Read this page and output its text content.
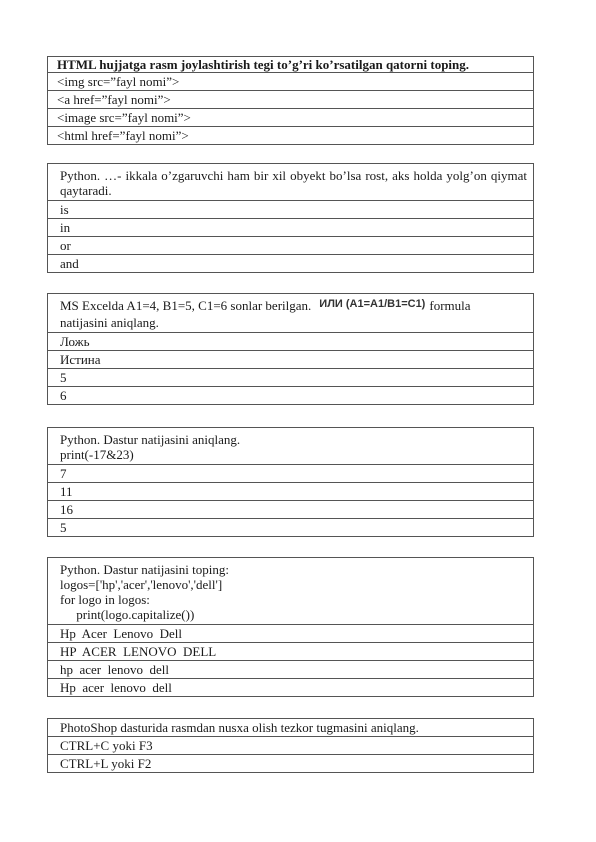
HTML hujjatga rasm joylashtirish tegi to’g’ri ko’rsatilgan qatorni toping.
<img src=”fayl nomi”>
<a href=”fayl nomi”>
<image src=”fayl nomi”>
<html href=”fayl nomi”>
Python. …- ikkala o’zgaruvchi ham bir xil obyekt bo’lsa rost, aks holda yolg’on qiymat qaytaradi.
is
in
or
and
MS Excelda A1=4, B1=5, C1=6 sonlar berilgan. $^{ИЛИ (A1=A1/B1=C1)}$ formula
natijasini aniqlang.
Ложь
Истина
5
6
Python. Dastur natijasini aniqlang.
print(-17&23)
7
11
16
5
Python. Dastur natijasini toping:
logos=['hp','acer','lenovo','dell']
for logo in logos:
print(logo.capitalize())
Hp  Acer  Lenovo  Dell
HP  ACER  LENOVO  DELL
hp  acer  lenovo  dell
Hp  acer  lenovo  dell
PhotoShop dasturida rasmdan nusxa olish tezkor tugmasini aniqlang.
CTRL+C yoki F3
CTRL+L yoki F2
